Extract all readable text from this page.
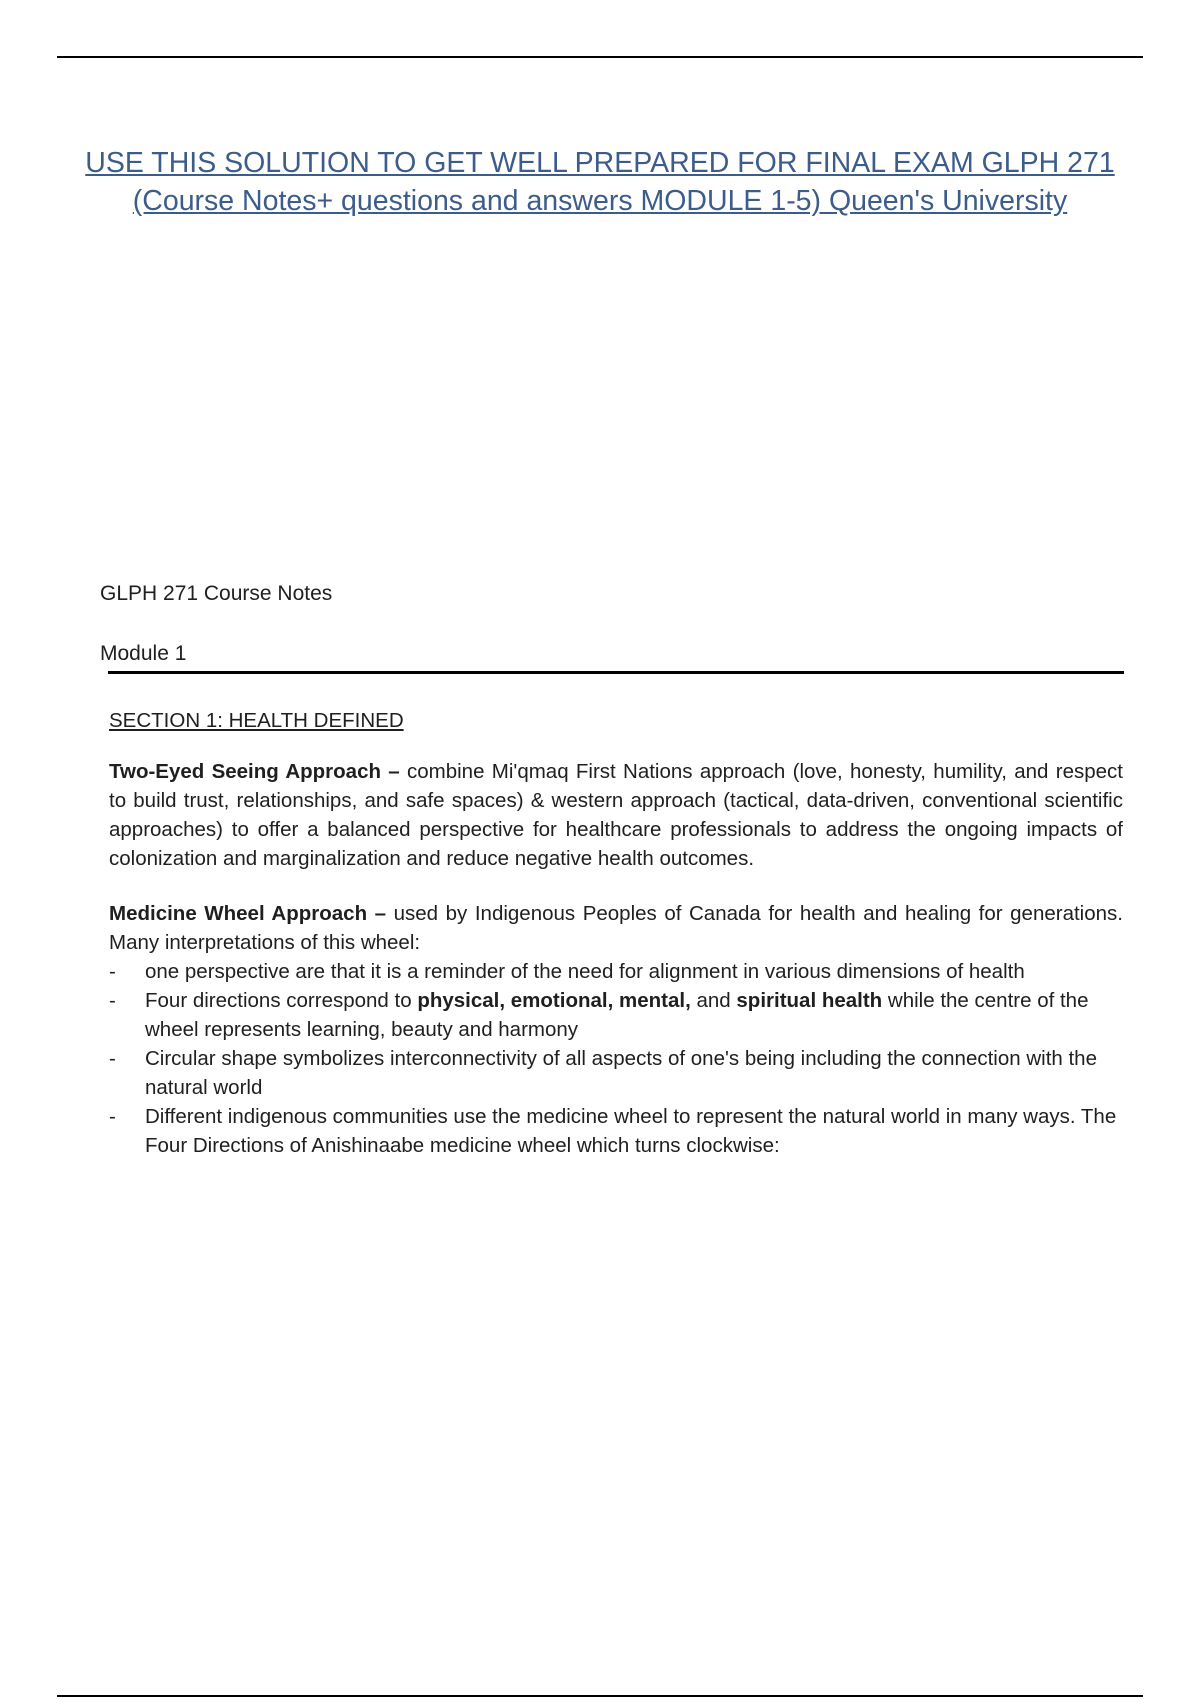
USE THIS SOLUTION TO GET WELL PREPARED FOR FINAL EXAM GLPH 271
(Course Notes+ questions and answers MODULE 1-5) Queen's University
GLPH 271 Course Notes
Module 1
SECTION 1: HEALTH DEFINED

Two-Eyed Seeing Approach – combine Mi'qmaq First Nations approach (love, honesty, humility, and respect to build trust, relationships, and safe spaces) & western approach (tactical, data-driven, conventional scientific approaches) to offer a balanced perspective for healthcare professionals to address the ongoing impacts of colonization and marginalization and reduce negative health outcomes.

Medicine Wheel Approach – used by Indigenous Peoples of Canada for health and healing for generations. Many interpretations of this wheel:

- one perspective are that it is a reminder of the need for alignment in various dimensions of health
- Four directions correspond to physical, emotional, mental, and spiritual health while the centre of the wheel represents learning, beauty and harmony
- Circular shape symbolizes interconnectivity of all aspects of one's being including the connection with the natural world
- Different indigenous communities use the medicine wheel to represent the natural world in many ways. The Four Directions of Anishinaabe medicine wheel which turns clockwise:
